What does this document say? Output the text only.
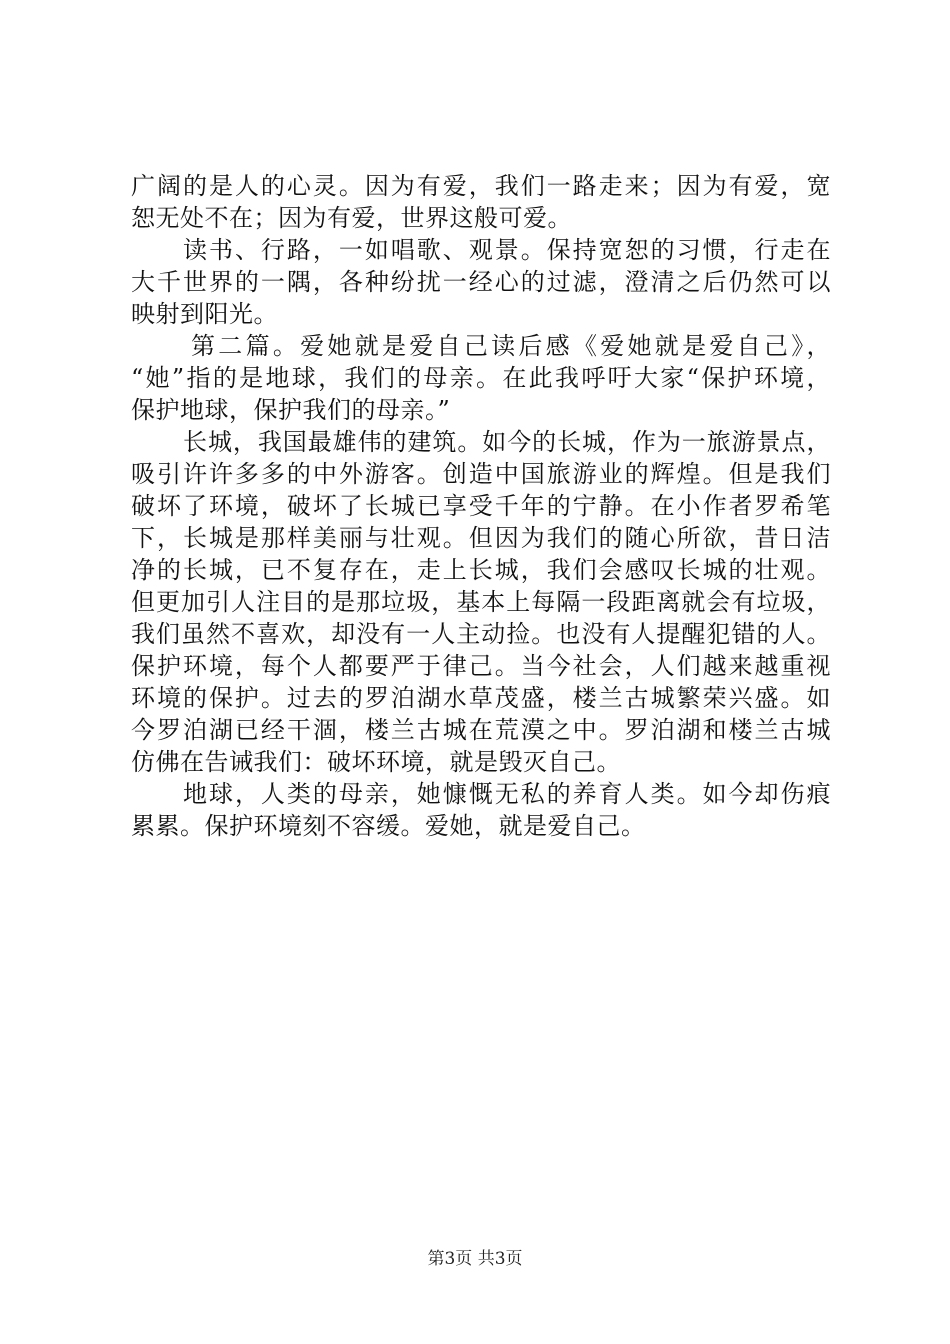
广阔的是人的心灵。因为有爱，我们一路走来；因为有爱，宽
恕无处不在；因为有爱，世界这般可爱。
读书、行路，一如唱歌、观景。保持宽恕的习惯，行走在
大千世界的一隅，各种纷扰一经心的过滤，澄清之后仍然可以
映射到阳光。
第二篇。爱她就是爱自己读后感《爱她就是爱自己》，
“她”指的是地球，我们的母亲。在此我呼吁大家“保护环境，
保护地球，保护我们的母亲。”
长城，我国最雄伟的建筑。如今的长城，作为一旅游景点，
吸引许许多多的中外游客。创造中国旅游业的辉煌。但是我们
破坏了环境，破坏了长城已享受千年的宁静。在小作者罗希笔
下，长城是那样美丽与壮观。但因为我们的随心所欲，昔日洁
净的长城，已不复存在，走上长城，我们会感叹长城的壮观。
但更加引人注目的是那垃圾，基本上每隔一段距离就会有垃圾，
我们虽然不喜欢，却没有一人主动捡。也没有人提醒犯错的人。
保护环境，每个人都要严于律己。当今社会，人们越来越重视
环境的保护。过去的罗泊湖水草茂盛，楼兰古城繁荣兴盛。如
今罗泊湖已经干涸，楼兰古城在荒漠之中。罗泊湖和楼兰古城
仿佛在告诫我们：破坏环境，就是毁灭自己。
地球，人类的母亲，她慷慨无私的养育人类。如今却伤痕
累累。保护环境刻不容缓。爱她，就是爱自己。
第3页 共3页
